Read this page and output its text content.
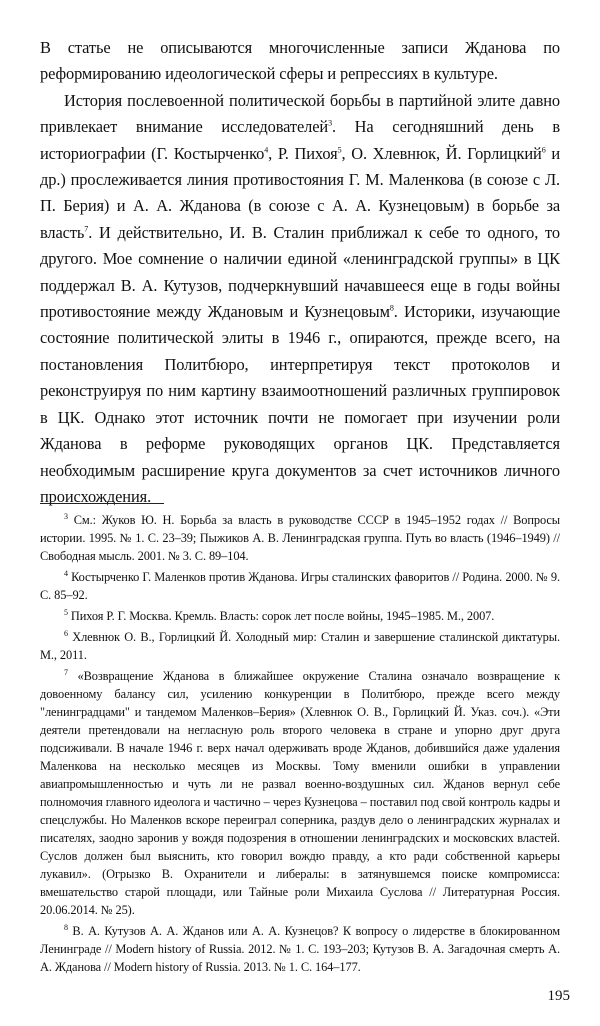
В статье не описываются многочисленные записи Жданова по реформированию идеологической сферы и репрессиях в культуре.

История послевоенной политической борьбы в партийной элите давно привлекает внимание исследователей$^3$. На сегодняшний день в историографии (Г. Костырченко$^4$, Р. Пихоя$^5$, О. Хлевнюк, Й. Горлицкий$^6$ и др.) прослеживается линия противостояния Г. М. Маленкова (в союзе с Л. П. Берия) и А. А. Жданова (в союзе с А. А. Кузнецовым) в борьбе за власть$^7$. И действительно, И. В. Сталин приближал к себе то одного, то другого. Мое сомнение о наличии единой «ленинградской группы» в ЦК поддержал В. А. Кутузов, подчеркнувший начавшееся еще в годы войны противостояние между Ждановым и Кузнецовым$^8$. Историки, изучающие состояние политической элиты в 1946 г., опираются, прежде всего, на постановления Политбюро, интерпретируя текст протоколов и реконструируя по ним картину взаимоотношений различных группировок в ЦК. Однако этот источник почти не помогает при изучении роли Жданова в реформе руководящих органов ЦК. Представляется необходимым расширение круга документов за счет источников личного происхождения.

$^3$ См.: Жуков Ю. Н. Борьба за власть в руководстве СССР в 1945–1952 годах // Вопросы истории. 1995. № 1. С. 23–39; Пыжиков А. В. Ленинградская группа. Путь во власть (1946–1949) // Свободная мысль. 2001. № 3. С. 89–104.

$^4$ Костырченко Г. Маленков против Жданова. Игры сталинских фаворитов // Родина. 2000. № 9. С. 85–92.

$^5$ Пихоя Р. Г. Москва. Кремль. Власть: сорок лет после войны, 1945–1985. М., 2007.

$^6$ Хлевнюк О. В., Горлицкий Й. Холодный мир: Сталин и завершение сталинской диктатуры. М., 2011.

$^7$ «Возвращение Жданова в ближайшее окружение Сталина означало возвращение к довоенному балансу сил, усилению конкуренции в Политбюро, прежде всего между "ленинградцами" и тандемом Маленков–Берия» (Хлевнюк О. В., Горлицкий Й. Указ. соч.). «Эти деятели претендовали на негласную роль второго человека в стране и упорно друг друга подсиживали. В начале 1946 г. верх начал одерживать вроде Жданов, добившийся даже удаления Маленкова на несколько месяцев из Москвы. Тому вменили ошибки в управлении авиапромышленностью и чуть ли не развал военно-воздушных сил. Жданов вернул себе полномочия главного идеолога и частично – через Кузнецова – поставил под свой контроль кадры и спецслужбы. Но Маленков вскоре переиграл соперника, раздув дело о ленинградских журналах и писателях, заодно заронив у вождя подозрения в отношении ленинградских и московских властей. Суслов должен был выяснить, кто говорил вождю правду, а кто ради собственной карьеры лукавил». (Огрызко В. Охранители и либералы: в затянувшемся поиске компромисса: вмешательство старой площади, или Тайные роли Михаила Суслова // Литературная Россия. 20.06.2014. № 25).

$^8$ В. А. Кутузов А. А. Жданов или А. А. Кузнецов? К вопросу о лидерстве в блокированном Ленинграде // Modern history of Russia. 2012. № 1. С. 193–203; Кутузов В. А. Загадочная смерть А. А. Жданова // Modern history of Russia. 2013. № 1. С. 164–177.

195
